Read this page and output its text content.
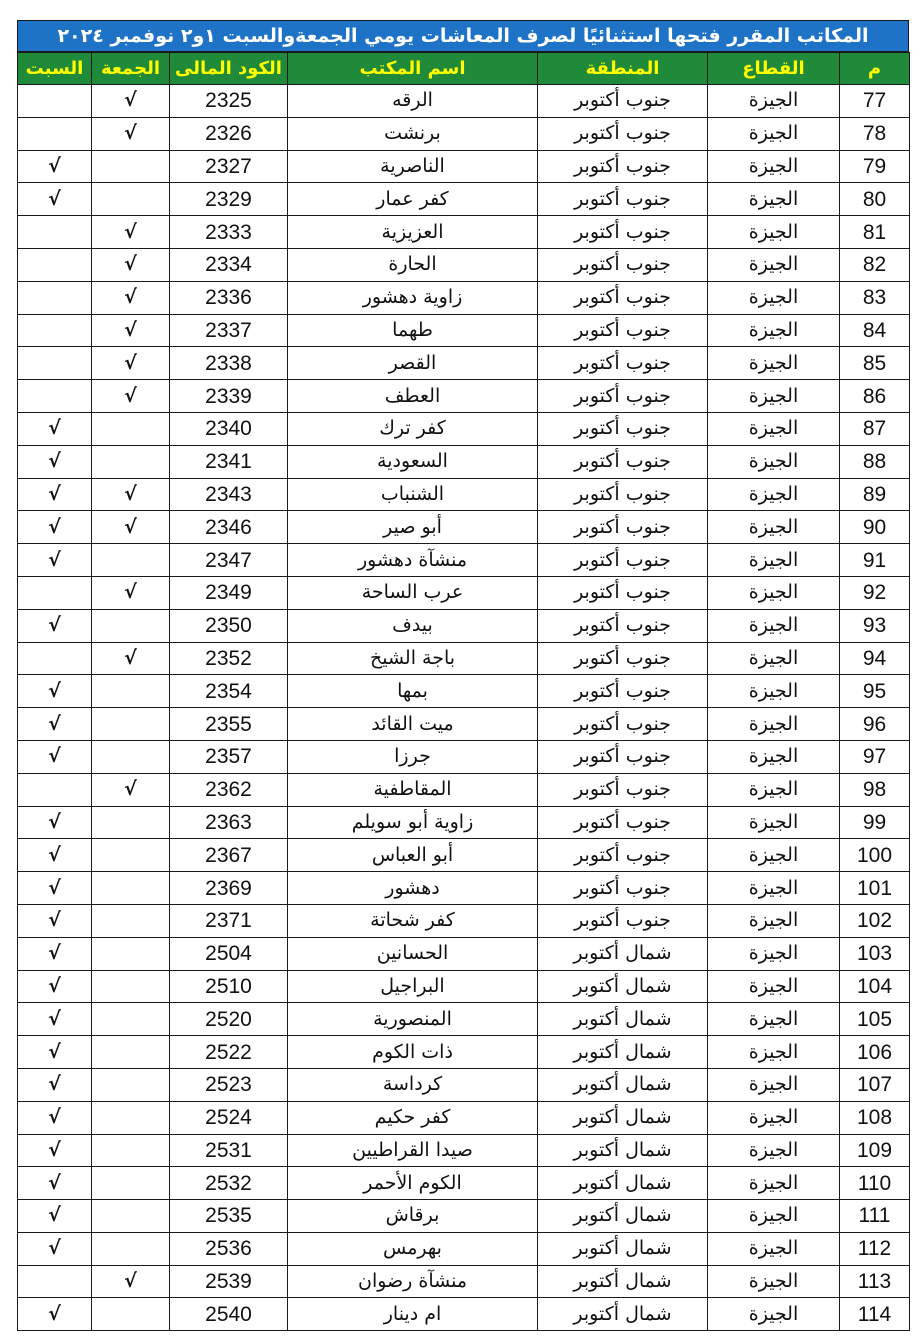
المكاتب المقرر فتحها استثنائيًا لصرف المعاشات يومي الجمعةوالسبت ١و٢ نوفمبر ٢٠٢٤
م	القطاع	المنطقة	اسم المكتب	الكود المالى	الجمعة	السبت
77	الجيزة	جنوب أكتوبر	الرقه	2325	√	
78	الجيزة	جنوب أكتوبر	برنشت	2326	√	
79	الجيزة	جنوب أكتوبر	الناصرية	2327		√
80	الجيزة	جنوب أكتوبر	كفر عمار	2329		√
81	الجيزة	جنوب أكتوبر	العزيزية	2333	√	
82	الجيزة	جنوب أكتوبر	الحارة	2334	√	
83	الجيزة	جنوب أكتوبر	زاوية دهشور	2336	√	
84	الجيزة	جنوب أكتوبر	طهما	2337	√	
85	الجيزة	جنوب أكتوبر	القصر	2338	√	
86	الجيزة	جنوب أكتوبر	العطف	2339	√	
87	الجيزة	جنوب أكتوبر	كفر ترك	2340		√
88	الجيزة	جنوب أكتوبر	السعودية	2341		√
89	الجيزة	جنوب أكتوبر	الشنباب	2343	√	√
90	الجيزة	جنوب أكتوبر	أبو صير	2346	√	√
91	الجيزة	جنوب أكتوبر	منشآة دهشور	2347		√
92	الجيزة	جنوب أكتوبر	عرب الساحة	2349	√	
93	الجيزة	جنوب أكتوبر	بيدف	2350		√
94	الجيزة	جنوب أكتوبر	باجة الشيخ	2352	√	
95	الجيزة	جنوب أكتوبر	بمها	2354		√
96	الجيزة	جنوب أكتوبر	ميت القائد	2355		√
97	الجيزة	جنوب أكتوبر	جرزا	2357		√
98	الجيزة	جنوب أكتوبر	المقاطفية	2362	√	
99	الجيزة	جنوب أكتوبر	زاوية أبو سويلم	2363		√
100	الجيزة	جنوب أكتوبر	أبو العباس	2367		√
101	الجيزة	جنوب أكتوبر	دهشور	2369		√
102	الجيزة	جنوب أكتوبر	كفر شحاتة	2371		√
103	الجيزة	شمال أكتوبر	الحسانين	2504		√
104	الجيزة	شمال أكتوبر	البراجيل	2510		√
105	الجيزة	شمال أكتوبر	المنصورية	2520		√
106	الجيزة	شمال أكتوبر	ذات الكوم	2522		√
107	الجيزة	شمال أكتوبر	كرداسة	2523		√
108	الجيزة	شمال أكتوبر	كفر حكيم	2524		√
109	الجيزة	شمال أكتوبر	صيدا القراطيين	2531		√
110	الجيزة	شمال أكتوبر	الكوم الأحمر	2532		√
111	الجيزة	شمال أكتوبر	برقاش	2535		√
112	الجيزة	شمال أكتوبر	بهرمس	2536		√
113	الجيزة	شمال أكتوبر	منشآة رضوان	2539	√	
114	الجيزة	شمال أكتوبر	ام دينار	2540		√
